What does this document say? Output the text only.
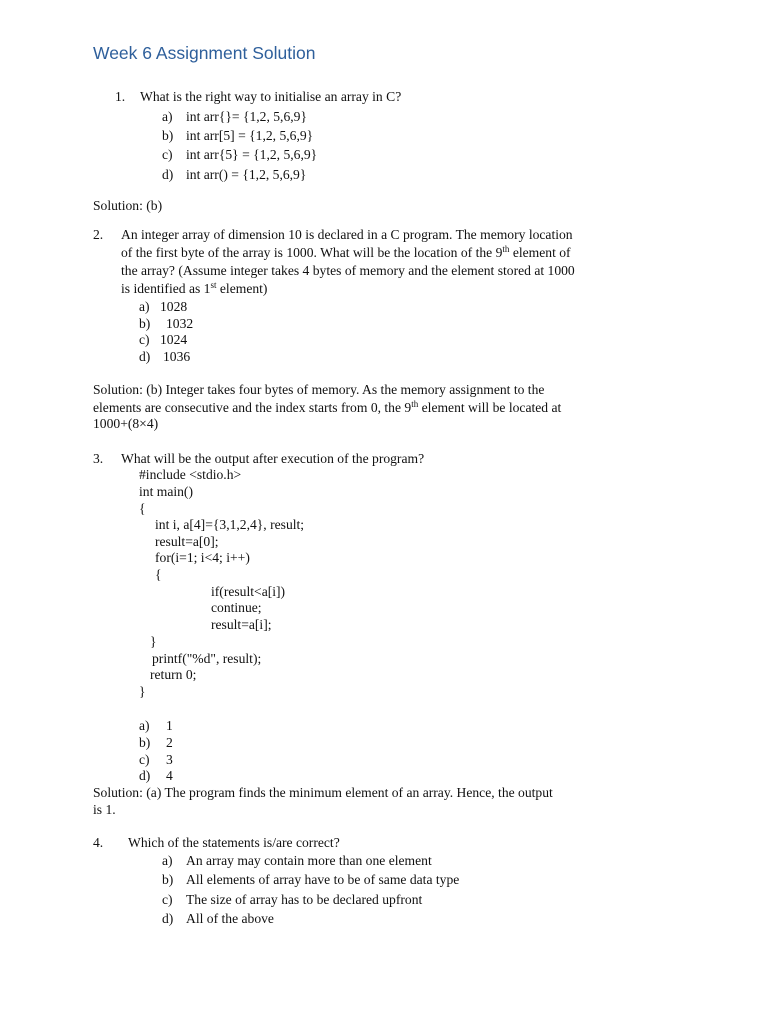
Week 6 Assignment Solution
1. What is the right way to initialise an array in C?
a) int arr{}= {1,2, 5,6,9}
b) int arr[5] = {1,2, 5,6,9}
c) int arr{5} = {1,2, 5,6,9}
d) int arr() = {1,2, 5,6,9}
Solution: (b)
2. An integer array of dimension 10 is declared in a C program. The memory location
of the first byte of the array is 1000. What will be the location of the 9th element of
the array? (Assume integer takes 4 bytes of memory and the element stored at 1000
is identified as 1st element)
a) 1028
b) 1032
c) 1024
d) 1036
Solution: (b) Integer takes four bytes of memory. As the memory assignment to the
elements are consecutive and the index starts from 0, the 9th element will be located at
1000+(8×4)
3. What will be the output after execution of the program?
#include <stdio.h>
int main()
{
int i, a[4]={3,1,2,4}, result;
result=a[0];
for(i=1; i<4; i++)
{
if(result<a[i])
continue;
result=a[i];
}
printf("%d", result);
return 0;
}
a) 1
b) 2
c) 3
d) 4
Solution: (a) The program finds the minimum element of an array. Hence, the output
is 1.
4. Which of the statements is/are correct?
a) An array may contain more than one element
b) All elements of array have to be of same data type
c) The size of array has to be declared upfront
d) All of the above
